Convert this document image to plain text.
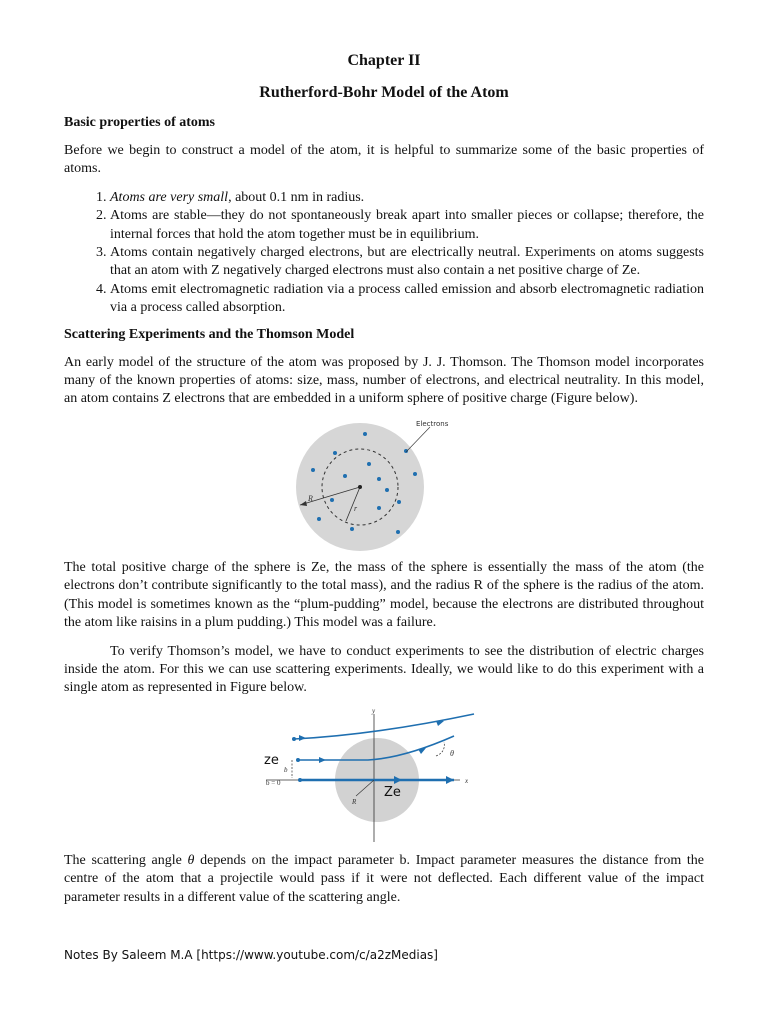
Chapter II
Rutherford-Bohr Model of the Atom
Basic properties of atoms

Before we begin to construct a model of the atom, it is helpful to summarize some of the basic properties of atoms.

1. Atoms are very small, about 0.1 nm in radius.
2. Atoms are stable—they do not spontaneously break apart into smaller pieces or collapse; therefore, the internal forces that hold the atom together must be in equilibrium.
3. Atoms contain negatively charged electrons, but are electrically neutral. Experiments on atoms suggests that an atom with Z negatively charged electrons must also contain a net positive charge of Ze.
4. Atoms emit electromagnetic radiation via a process called emission and absorb electromagnetic radiation via a process called absorption.
Scattering Experiments and the Thomson Model

An early model of the structure of the atom was proposed by J. J. Thomson. The Thomson model incorporates many of the known properties of atoms: size, mass, number of electrons, and electrical neutrality. In this model, an atom contains Z electrons that are embedded in a uniform sphere of positive charge (Figure below).

R
r
Electrons

The total positive charge of the sphere is Ze, the mass of the sphere is essentially the mass of the atom (the electrons don’t contribute significantly to the total mass), and the radius R of the sphere is the radius of the atom. (This model is sometimes known as the “plum-pudding” model, because the electrons are distributed throughout the atom like raisins in a plum pudding.) This model was a failure.

To verify Thomson’s model, we have to conduct experiments to see the distribution of electric charges inside the atom. For this we can use scattering experiments. Ideally, we would like to do this experiment with a single atom as represented in Figure below.

y
x
ze
b
b = 0
R
Ze
θ

The scattering angle θ depends on the impact parameter b. Impact parameter measures the distance from the centre of the atom that a projectile would pass if it were not deflected. Each different value of the impact parameter results in a different value of the scattering angle.

Notes By Saleem M.A [https://www.youtube.com/c/a2zMedias]
